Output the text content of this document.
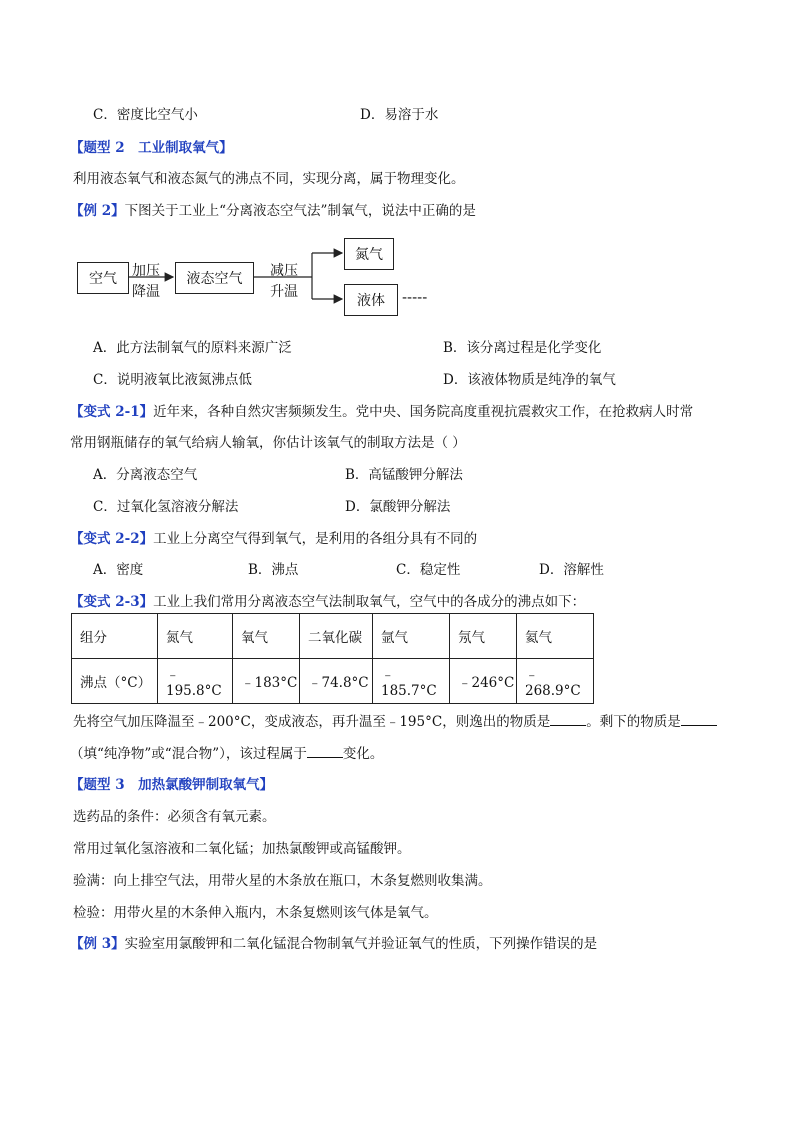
C．密度比空气小	D．易溶于水
【题型 2　工业制取氧气】
利用液态氧气和液态氮气的沸点不同，实现分离，属于物理变化。
【例 2】下图关于工业上“分离液态空气法”制氧气，说法中正确的是
空气	加压
降温
液态空气	减压
升温
氮气
液体	-----
A．此方法制氧气的原料来源广泛	B．该分离过程是化学变化
C．说明液氧比液氮沸点低	D．该液体物质是纯净的氧气
【变式 2-1】近年来，各种自然灾害频频发生。党中央、国务院高度重视抗震救灾工作，在抢救病人时常
常用钢瓶储存的氧气给病人输氧，你估计该氧气的制取方法是（ ）
A．分离液态空气	B．高锰酸钾分解法
C．过氧化氢溶液分解法	D．氯酸钾分解法
【变式 2-2】工业上分离空气得到氧气，是利用的各组分具有不同的
A．密度	B．沸点	C．稳定性	D．溶解性
【变式 2-3】工业上我们常用分离液态空气法制取氧气，空气中的各成分的沸点如下：
组分	氮气	氧气	二氧化碳	氩气	氖气	氦气
沸点（°C）	﹣195.8°C	﹣183°C	﹣74.8°C	﹣185.7°C	﹣246°C	﹣268.9°C
先将空气加压降温至﹣200°C，变成液态，再升温至﹣195°C，则逸出的物质是	。剩下的物质是
（填“纯净物”或“混合物”），该过程属于	变化。
【题型 3　加热氯酸钾制取氧气】
选药品的条件：必须含有氧元素。
常用过氧化氢溶液和二氧化锰；加热氯酸钾或高锰酸钾。
验满：向上排空气法，用带火星的木条放在瓶口，木条复燃则收集满。
检验：用带火星的木条伸入瓶内，木条复燃则该气体是氧气。
【例 3】实验室用氯酸钾和二氧化锰混合物制氧气并验证氧气的性质，下列操作错误的是
